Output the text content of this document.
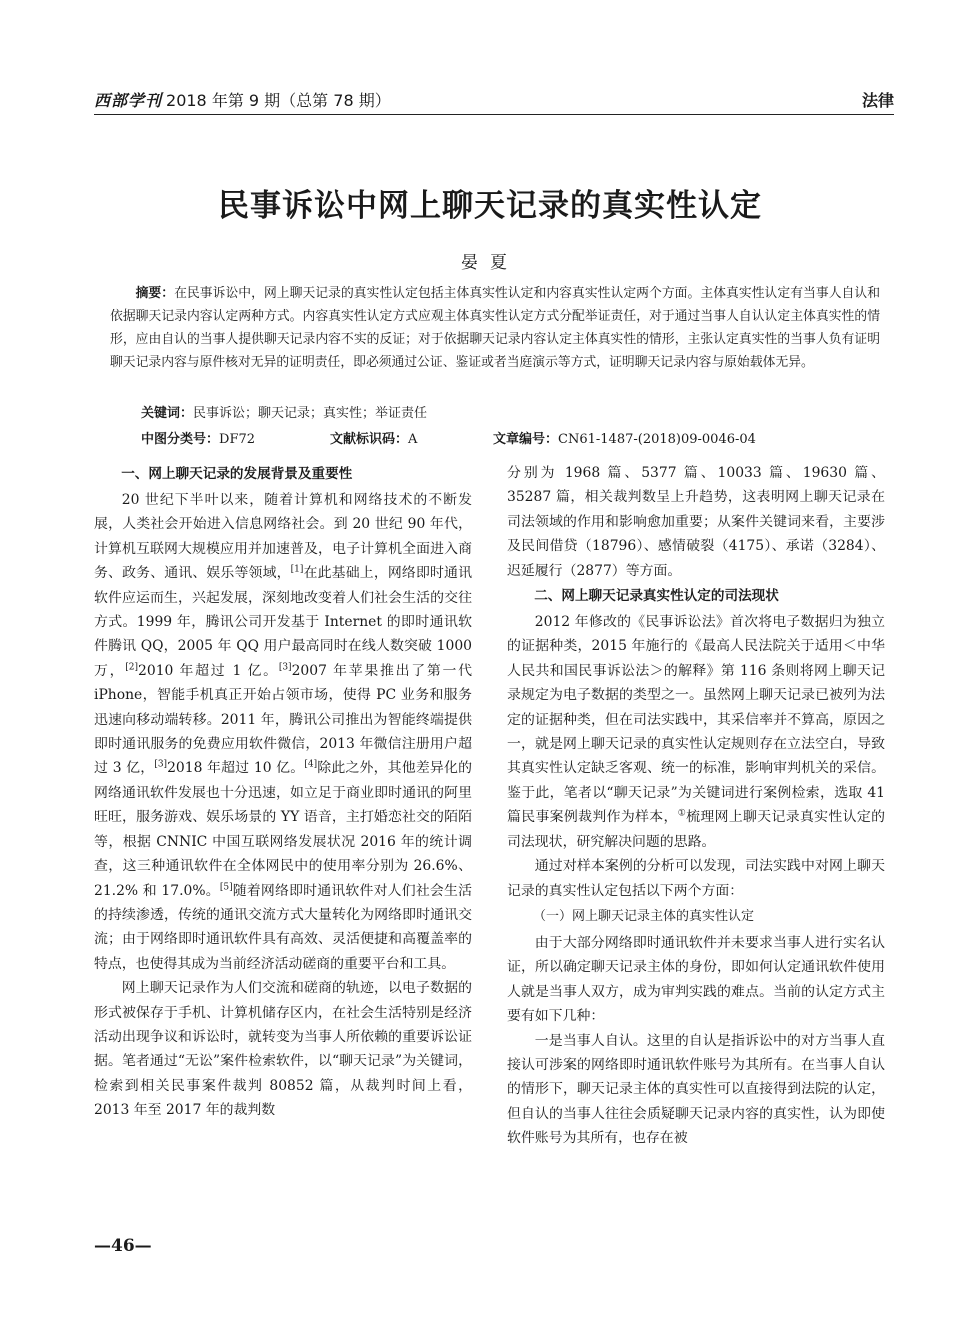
西部学刊 2018 年第 9 期（总第 78 期）	法律
民事诉讼中网上聊天记录的真实性认定
晏夏
摘要：在民事诉讼中，网上聊天记录的真实性认定包括主体真实性认定和内容真实性认定两个方面。主体真实性认定有当事人自认和依据聊天记录内容认定两种方式。内容真实性认定方式应观主体真实性认定方式分配举证责任，对于通过当事人自认认定主体真实性的情形，应由自认的当事人提供聊天记录内容不实的反证；对于依据聊天记录内容认定主体真实性的情形，主张认定真实性的当事人负有证明聊天记录内容与原件核对无异的证明责任，即必须通过公证、鉴证或者当庭演示等方式，证明聊天记录内容与原始载体无异。
关键词：民事诉讼；聊天记录；真实性；举证责任
中图分类号：DF72	文献标识码：A	文章编号：CN61-1487-(2018)09-0046-04
一、网上聊天记录的发展背景及重要性

20 世纪下半叶以来，随着计算机和网络技术的不断发展，人类社会开始进入信息网络社会。到 20 世纪 90 年代，计算机互联网大规模应用并加速普及，电子计算机全面进入商务、政务、通讯、娱乐等领域，[1]在此基础上，网络即时通讯软件应运而生，兴起发展，深刻地改变着人们社会生活的交往方式。1999 年，腾讯公司开发基于 Internet 的即时通讯软件腾讯 QQ，2005 年 QQ 用户最高同时在线人数突破 1000 万，[2]2010 年超过 1 亿。[3]2007 年苹果推出了第一代 iPhone，智能手机真正开始占领市场，使得 PC 业务和服务迅速向移动端转移。2011 年，腾讯公司推出为智能终端提供即时通讯服务的免费应用软件微信，2013 年微信注册用户超过 3 亿，[3]2018 年超过 10 亿。[4]除此之外，其他差异化的网络通讯软件发展也十分迅速，如立足于商业即时通讯的阿里旺旺，服务游戏、娱乐场景的 YY 语音，主打婚恋社交的陌陌等，根据 CNNIC 中国互联网络发展状况 2016 年的统计调查，这三种通讯软件在全体网民中的使用率分别为 26.6%、21.2% 和 17.0%。[5]随着网络即时通讯软件对人们社会生活的持续渗透，传统的通讯交流方式大量转化为网络即时通讯交流；由于网络即时通讯软件具有高效、灵活便捷和高覆盖率的特点，也使得其成为当前经济活动磋商的重要平台和工具。

网上聊天记录作为人们交流和磋商的轨迹，以电子数据的形式被保存于手机、计算机储存区内，在社会生活特别是经济活动出现争议和诉讼时，就转变为当事人所依赖的重要诉讼证据。笔者通过“无讼”案件检索软件，以“聊天记录”为关键词，检索到相关民事案件裁判 80852 篇，从裁判时间上看，2013 年至 2017 年的裁判数

分别为 1968 篇、5377 篇、10033 篇、19630 篇、35287 篇，相关裁判数呈上升趋势，这表明网上聊天记录在司法领域的作用和影响愈加重要；从案件关键词来看，主要涉及民间借贷（18796）、感情破裂（4175）、承诺（3284）、迟延履行（2877）等方面。

二、网上聊天记录真实性认定的司法现状

2012 年修改的《民事诉讼法》首次将电子数据归为独立的证据种类，2015 年施行的《最高人民法院关于适用＜中华人民共和国民事诉讼法＞的解释》第 116 条则将网上聊天记录规定为电子数据的类型之一。虽然网上聊天记录已被列为法定的证据种类，但在司法实践中，其采信率并不算高，原因之一，就是网上聊天记录的真实性认定规则存在立法空白，导致其真实性认定缺乏客观、统一的标准，影响审判机关的采信。鉴于此，笔者以“聊天记录”为关键词进行案例检索，选取 41 篇民事案例裁判作为样本，①梳理网上聊天记录真实性认定的司法现状，研究解决问题的思路。

通过对样本案例的分析可以发现，司法实践中对网上聊天记录的真实性认定包括以下两个方面：

（一）网上聊天记录主体的真实性认定

由于大部分网络即时通讯软件并未要求当事人进行实名认证，所以确定聊天记录主体的身份，即如何认定通讯软件使用人就是当事人双方，成为审判实践的难点。当前的认定方式主要有如下几种：

一是当事人自认。这里的自认是指诉讼中的对方当事人直接认可涉案的网络即时通讯软件账号为其所有。在当事人自认的情形下，聊天记录主体的真实性可以直接得到法院的认定，但自认的当事人往往会质疑聊天记录内容的真实性，认为即使软件账号为其所有，也存在被

—46—
